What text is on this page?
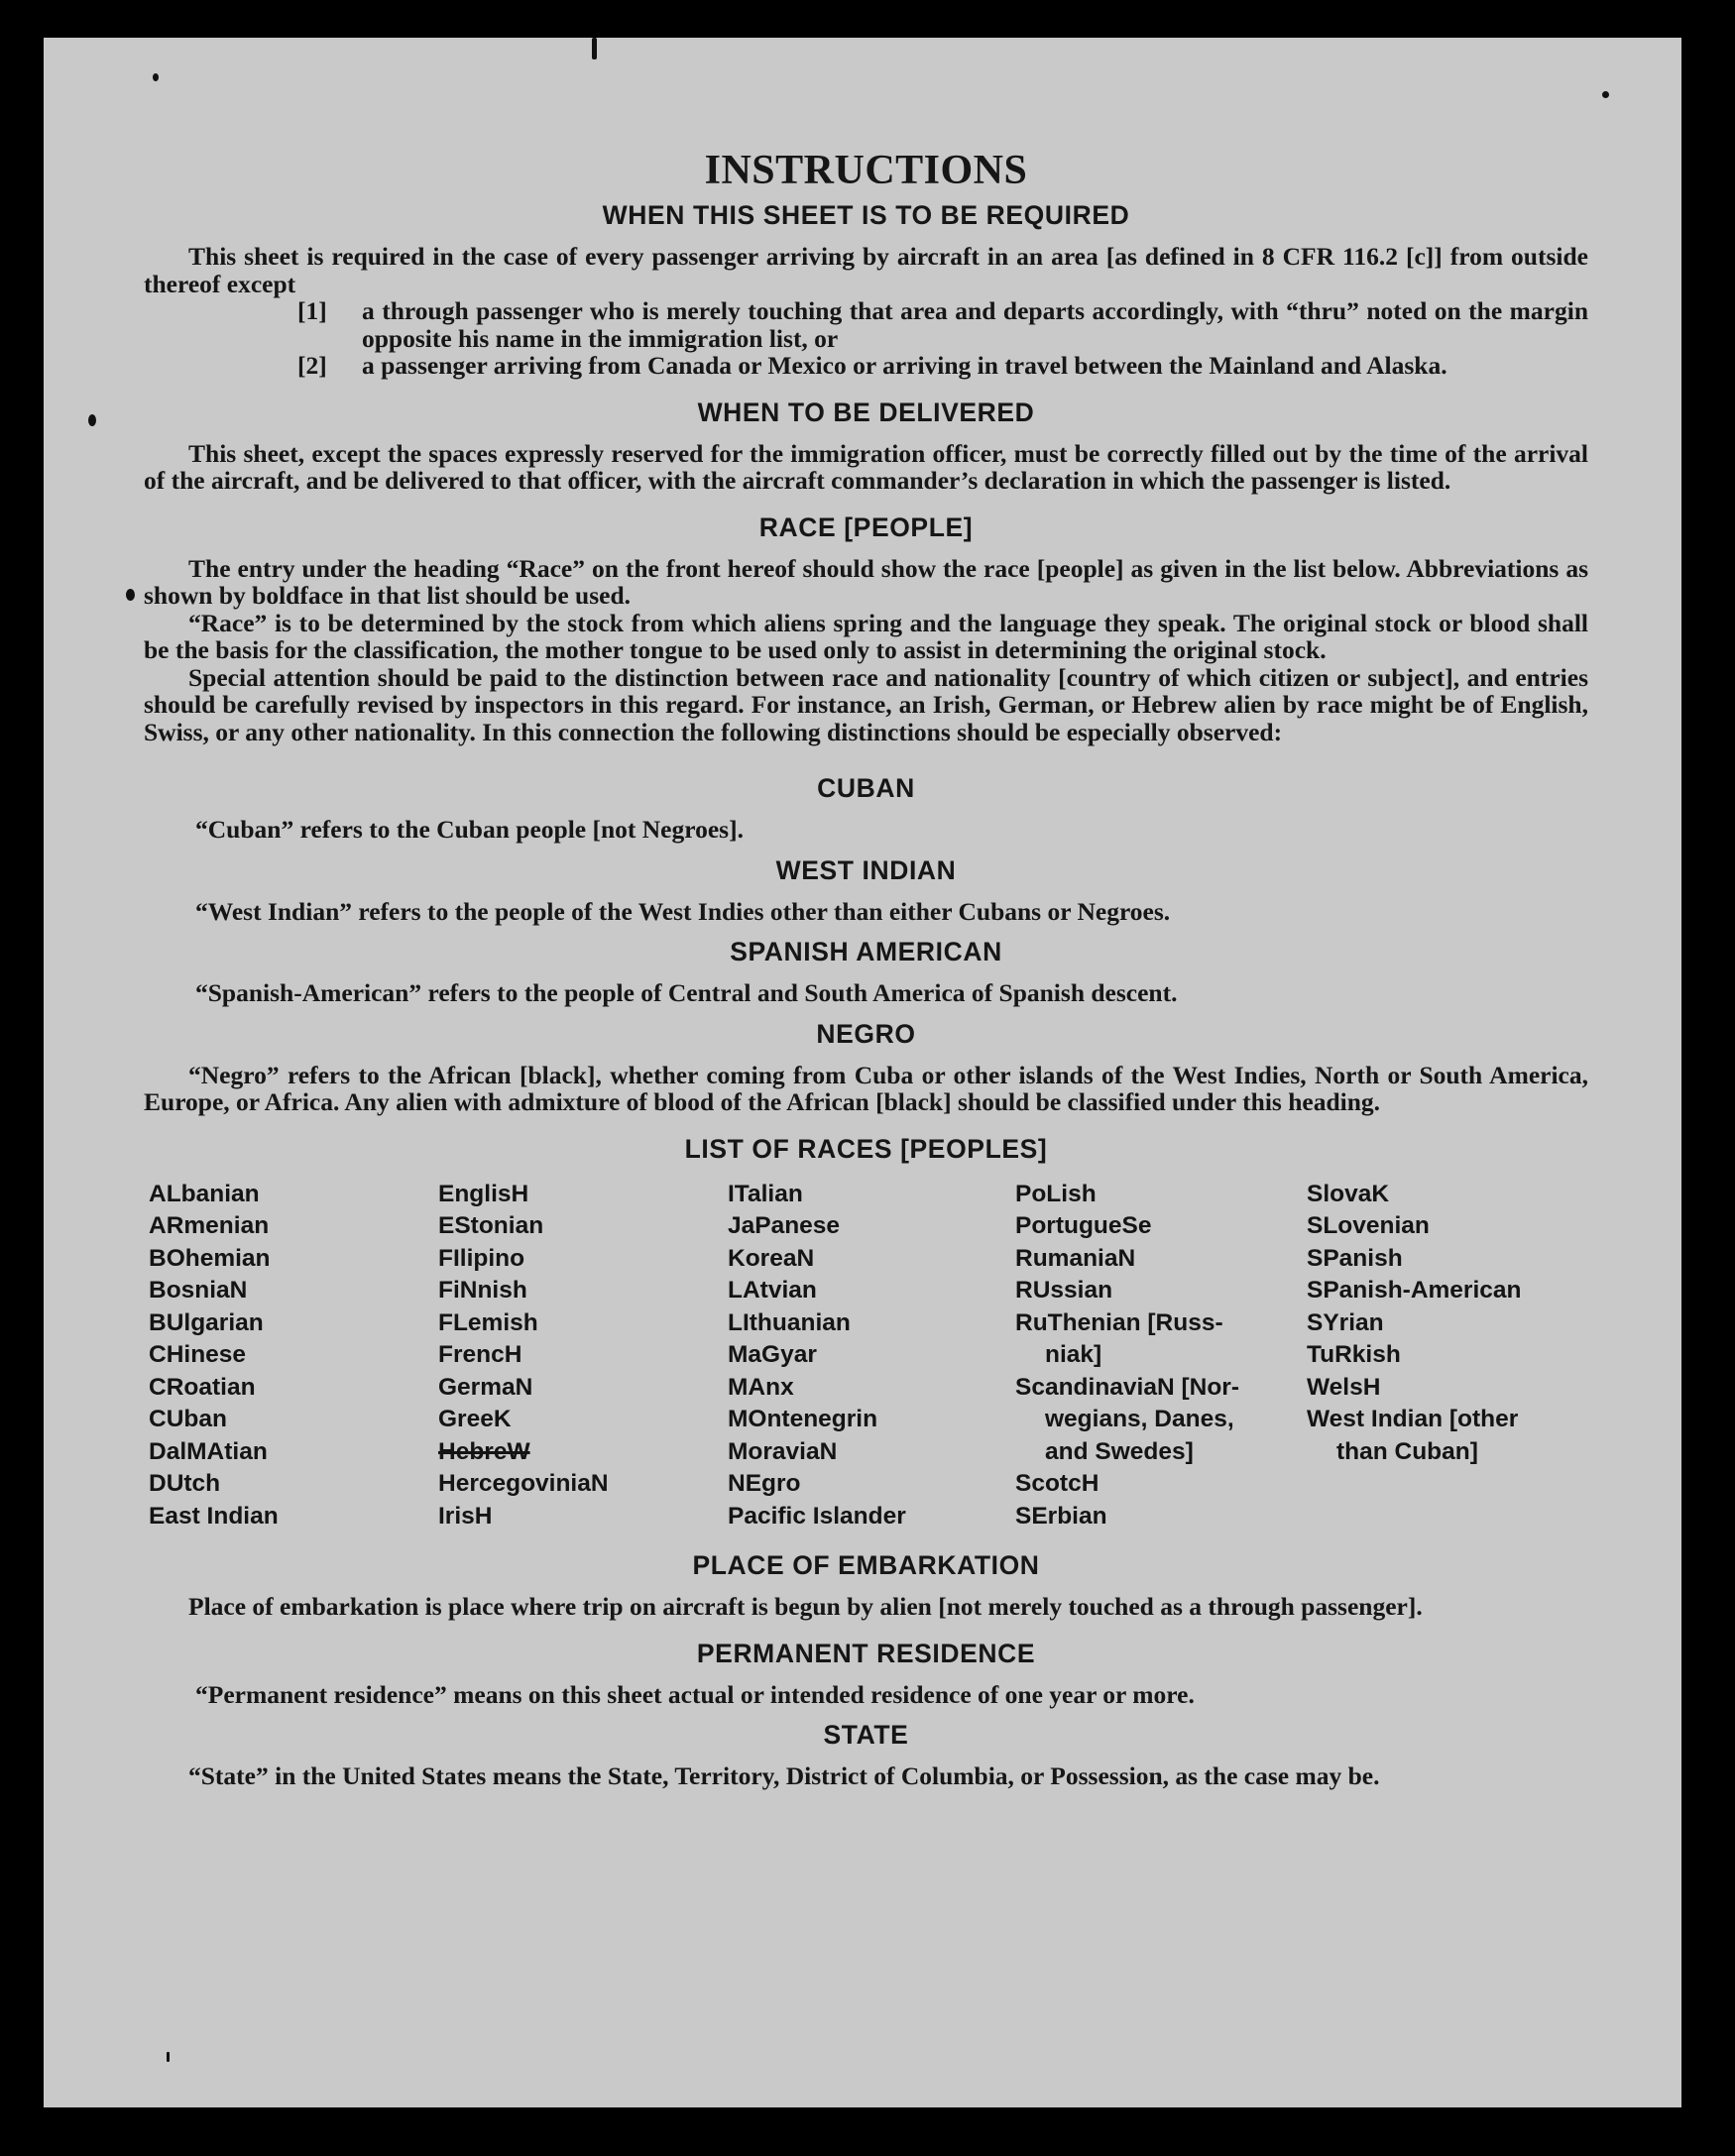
INSTRUCTIONS
WHEN THIS SHEET IS TO BE REQUIRED

This sheet is required in the case of every passenger arriving by aircraft in an area [as defined in 8 CFR 116.2 [c]] from outside thereof except

[1]	a through passenger who is merely touching that area and departs accordingly, with “thru” noted on the margin opposite his name in the immigration list, or
[2]	a passenger arriving from Canada or Mexico or arriving in travel between the Mainland and Alaska.
WHEN TO BE DELIVERED

This sheet, except the spaces expressly reserved for the immigration officer, must be correctly filled out by the time of the arrival of the aircraft, and be delivered to that officer, with the aircraft commander’s declaration in which the passenger is listed.

RACE [PEOPLE]

The entry under the heading “Race” on the front hereof should show the race [people] as given in the list below. Abbreviations as shown by boldface in that list should be used.

“Race” is to be determined by the stock from which aliens spring and the language they speak. The original stock or blood shall be the basis for the classification, the mother tongue to be used only to assist in determining the original stock.

Special attention should be paid to the distinction between race and nationality [country of which citizen or subject], and entries should be carefully revised by inspectors in this regard. For instance, an Irish, German, or Hebrew alien by race might be of English, Swiss, or any other nationality. In this connection the following distinctions should be especially observed:

CUBAN

“Cuban” refers to the Cuban people [not Negroes].

WEST INDIAN

“West Indian” refers to the people of the West Indies other than either Cubans or Negroes.

SPANISH AMERICAN

“Spanish-American” refers to the people of Central and South America of Spanish descent.

NEGRO

“Negro” refers to the African [black], whether coming from Cuba or other islands of the West Indies, North or South America, Europe, or Africa. Any alien with admixture of blood of the African [black] should be classified under this heading.

LIST OF RACES [PEOPLES]
ALbanian
ARmenian
BOhemian
BosniaN
BUlgarian
CHinese
CRoatian
CUban
DalMAtian
DUtch
East Indian
EnglisH
EStonian
FIlipino
FiNnish
FLemish
FrencH
GermaN
GreeK
HebreW
HercegoviniaN
IrisH
ITalian
JaPanese
KoreaN
LAtvian
LIthuanian
MaGyar
MAnx
MOntenegrin
MoraviaN
NEgro
Pacific Islander
PoLish
PortugueSe
RumaniaN
RUssian
RuThenian [Russ-
niak]
ScandinaviaN [Nor-
wegians, Danes,
and Swedes]
ScotcH
SErbian
SlovaK
SLovenian
SPanish
SPanish-American
SYrian
TuRkish
WelsH
West Indian [other
than Cuban]
PLACE OF EMBARKATION

Place of embarkation is place where trip on aircraft is begun by alien [not merely touched as a through passenger].

PERMANENT RESIDENCE

“Permanent residence” means on this sheet actual or intended residence of one year or more.

STATE

“State” in the United States means the State, Territory, District of Columbia, or Possession, as the case may be.
